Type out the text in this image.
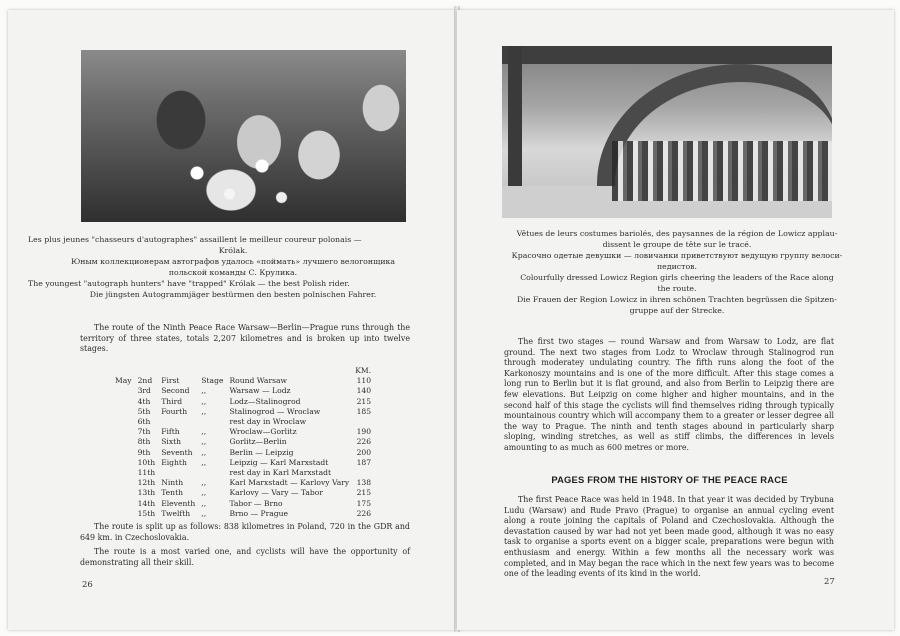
Les plus jeunes "chasseurs d'autographes" assaillent le meilleur coureur polonais —

Królak.

Юным коллекционерам автографов удалось «поймать» лучшего велогонщика

польской команды С. Крулика.

The youngest "autograph hunters" have "trapped" Królak — the best Polish rider.

Die jüngsten Autogrammjäger bestürmen den besten polnischen Fahrer.

The route of the Ninth Peace Race Warsaw—Berlin—Prague runs through the territory of three states, totals 2,207 kilometres and is broken up into twelve stages.

					KM.
May	2nd	First	Stage	Round Warsaw	110
	3rd	Second	,,	Warsaw — Lodz	140
	4th	Third	,,	Lodz—Stalinogrod	215
	5th	Fourth	,,	Stalinogrod — Wroclaw	185
	6th			rest day in Wroclaw	
	7th	Fifth	,,	Wroclaw—Gorlitz	190
	8th	Sixth	,,	Gorlitz—Berlin	226
	9th	Seventh	,,	Berlin — Leipzig	200
	10th	Eighth	,,	Leipzig — Karl Marxstadt	187
	11th			rest day in Karl Marxstadt	
	12th	Ninth	,,	Karl Marxstadt — Karlovy Vary	138
	13th	Tenth	,,	Karlovy — Vary — Tabor	215
	14th	Eleventh	,,	Tabor — Brno	175
	15th	Twelfth	,,	Brno — Prague	226

The route is split up as follows: 838 kilometres in Poland, 720 in the GDR and 649 km. in Czechoslovakia.

The route is a most varied one, and cyclists will have the opportunity of demonstrating all their skill.

26

Vêtues de leurs costumes bariolés, des paysannes de la région de Lowicz applau-

dissent le groupe de tête sur le tracé.

Красочно одетые девушки — ловичанки приветствуют ведущую группу велоси-

педистов.

Colourfully dressed Lowicz Region girls cheering the leaders of the Race along

the route.

Die Frauen der Region Lowicz in ihren schönen Trachten begrüssen die Spitzen-

gruppe auf der Strecke.

The first two stages — round Warsaw and from Warsaw to Lodz, are flat ground. The next two stages from Lodz to Wroclaw through Stalinogrod run through moderatey undulating country. The fifth runs along the foot of the Karkonoszy mountains and is one of the more difficult. After this stage comes a long run to Berlin but it is flat ground, and also from Berlin to Leipzig there are few elevations. But Leipzig on come higher and higher mountains, and in the second half of this stage the cyclists will find themselves riding through typically mountainous country which will accompany them to a greater or lesser degree all the way to Prague. The ninth and tenth stages abound in particularly sharp sloping, winding stretches, as well as stiff climbs, the differences in levels amounting to as much as 600 metres or more.

PAGES FROM THE HISTORY OF THE PEACE RACE

The first Peace Race was held in 1948. In that year it was decided by Trybuna Ludu (Warsaw) and Rude Pravo (Prague) to organise an annual cycling event along a route joining the capitals of Poland and Czechoslovakia. Although the devastation caused by war had not yet been made good, although it was no easy task to organise a sports event on a bigger scale, preparations were begun with enthusiasm and energy. Within a few months all the necessary work was completed, and in May began the race which in the next few years was to become one of the leading events of its kind in the world.

27
